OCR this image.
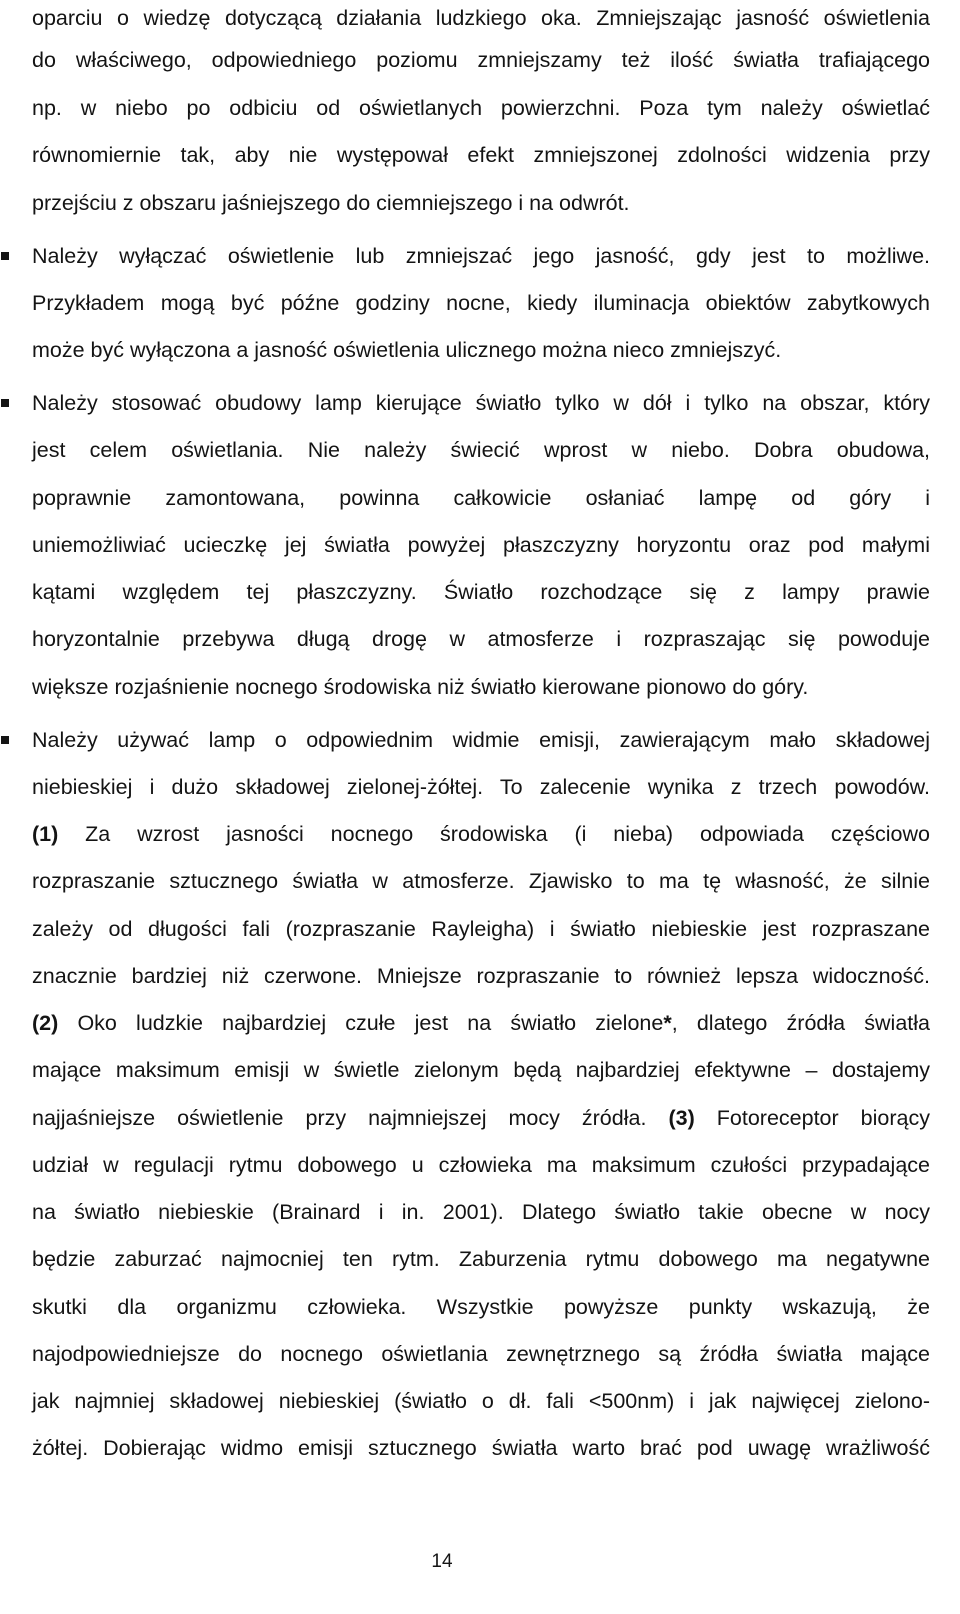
oparciu o wiedzę dotyczącą działania ludzkiego oka. Zmniejszając jasność oświetlenia
do właściwego, odpowiedniego poziomu zmniejszamy też ilość światła trafiającego
np. w niebo po odbiciu od oświetlanych powierzchni. Poza tym należy oświetlać
równomiernie tak, aby nie występował efekt zmniejszonej zdolności widzenia przy
przejściu z obszaru jaśniejszego do ciemniejszego i na odwrót.
Należy wyłączać oświetlenie lub zmniejszać jego jasność, gdy jest to możliwe.
Przykładem mogą być późne godziny nocne, kiedy iluminacja obiektów zabytkowych
może być wyłączona a jasność oświetlenia ulicznego można nieco zmniejszyć.
Należy stosować obudowy lamp kierujące światło tylko w dół i tylko na obszar, który
jest celem oświetlania. Nie należy świecić wprost w niebo. Dobra obudowa,
poprawnie zamontowana, powinna całkowicie osłaniać lampę od góry i
uniemożliwiać ucieczkę jej światła powyżej płaszczyzny horyzontu oraz pod małymi
kątami względem tej płaszczyzny. Światło rozchodzące się z lampy prawie
horyzontalnie przebywa długą drogę w atmosferze i rozpraszając się powoduje
większe rozjaśnienie nocnego środowiska niż światło kierowane pionowo do góry.
Należy używać lamp o odpowiednim widmie emisji, zawierającym mało składowej
niebieskiej i dużo składowej zielonej-żółtej. To zalecenie wynika z trzech powodów.
(1) Za wzrost jasności nocnego środowiska (i nieba) odpowiada częściowo
rozpraszanie sztucznego światła w atmosferze. Zjawisko to ma tę własność, że silnie
zależy od długości fali (rozpraszanie Rayleigha) i światło niebieskie jest rozpraszane
znacznie bardziej niż czerwone. Mniejsze rozpraszanie to również lepsza widoczność.
(2) Oko ludzkie najbardziej czułe jest na światło zielone*, dlatego źródła światła
mające maksimum emisji w świetle zielonym będą najbardziej efektywne – dostajemy
najjaśniejsze oświetlenie przy najmniejszej mocy źródła. (3) Fotoreceptor biorący
udział w regulacji rytmu dobowego u człowieka ma maksimum czułości przypadające
na światło niebieskie (Brainard i in. 2001). Dlatego światło takie obecne w nocy
będzie zaburzać najmocniej ten rytm. Zaburzenia rytmu dobowego ma negatywne
skutki dla organizmu człowieka. Wszystkie powyższe punkty wskazują, że
najodpowiedniejsze do nocnego oświetlania zewnętrznego są źródła światła mające
jak najmniej składowej niebieskiej (światło o dł. fali <500nm) i jak najwięcej zielono-
żółtej. Dobierając widmo emisji sztucznego światła warto brać pod uwagę wrażliwość
14
